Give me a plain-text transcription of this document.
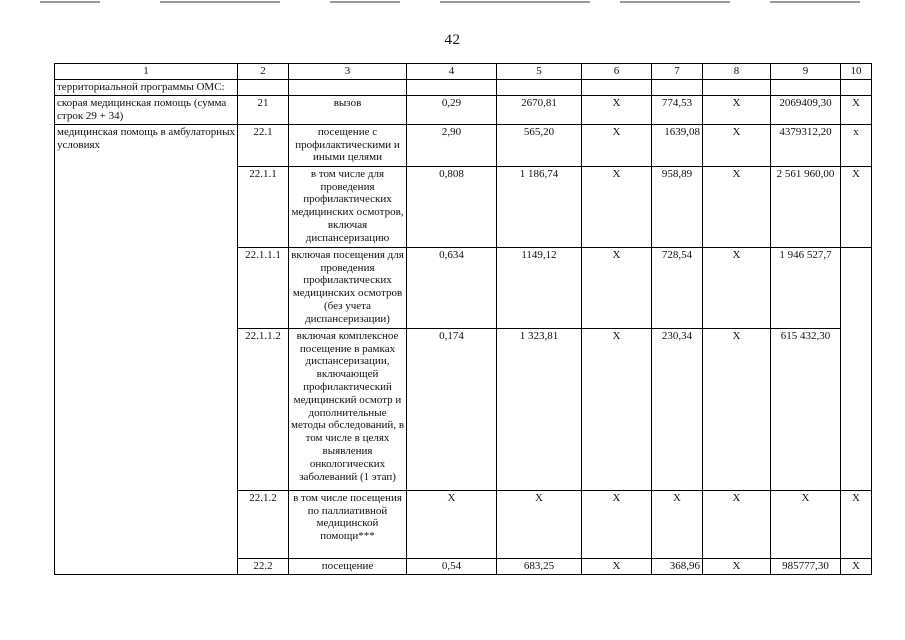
42
1	2	3	4	5	6	7	8	9	10
территориальной программы ОМС:									
скорая медицинская помощь (сумма строк 29 + 34)	21	вызов	0,29	2670,81	Х	774,53	Х	2069409,30	Х
медицинская помощь в амбулаторных условиях	22.1	посещение с профилактическими и иными целями	2,90	565,20	Х	1639,08	Х	4379312,20	х
	22.1.1	в том числе для проведения профилактических медицинских осмотров, включая диспансеризацию	0,808	1 186,74	Х	958,89	Х	2 561 960,00	Х
	22.1.1.1	включая посещения для проведения профилактических медицинских осмотров (без учета диспансеризации)	0,634	1149,12	Х	728,54	Х	1 946 527,7	
	22.1.1.2	включая комплексное посещение в рамках диспансеризации, включающей профилактический медицинский осмотр и дополнительные методы обследований, в том числе в целях выявления онкологических заболеваний (1 этап)	0,174	1 323,81	Х	230,34	Х	615 432,30	
	22.1.2	в том числе посещения по паллиативной медицинской помощи***	Х	Х	Х	Х	Х	Х	Х
	22.2	посещение	0,54	683,25	Х	368,96	Х	985777,30	Х
